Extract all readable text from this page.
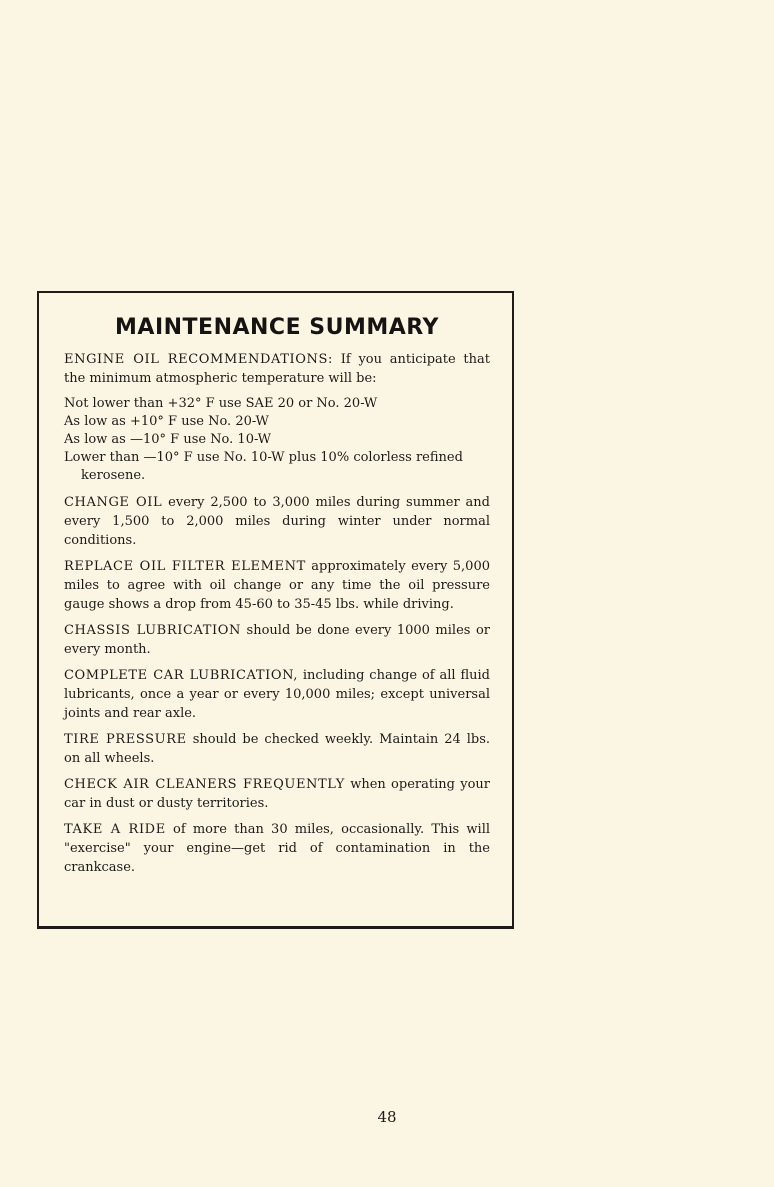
MAINTENANCE SUMMARY

ENGINE OIL RECOMMENDATIONS: If you anticipate that the minimum atmospheric temperature will be:

Not lower than +32° F use SAE 20 or No. 20-W
As low as +10° F use No. 20-W
As low as —10° F use No. 10-W
Lower than —10° F use No. 10-W plus 10% colorless refined kerosene.

CHANGE OIL every 2,500 to 3,000 miles during summer and every 1,500 to 2,000 miles during winter under normal conditions.

REPLACE OIL FILTER ELEMENT approximately every 5,000 miles to agree with oil change or any time the oil pressure gauge shows a drop from 45-60 to 35-45 lbs. while driving.

CHASSIS LUBRICATION should be done every 1000 miles or every month.

COMPLETE CAR LUBRICATION, including change of all fluid lubricants, once a year or every 10,000 miles; except universal joints and rear axle.

TIRE PRESSURE should be checked weekly. Maintain 24 lbs. on all wheels.

CHECK AIR CLEANERS FREQUENTLY when operating your car in dust or dusty territories.

TAKE A RIDE of more than 30 miles, occasionally. This will "exercise" your engine—get rid of contamination in the crankcase.

48
